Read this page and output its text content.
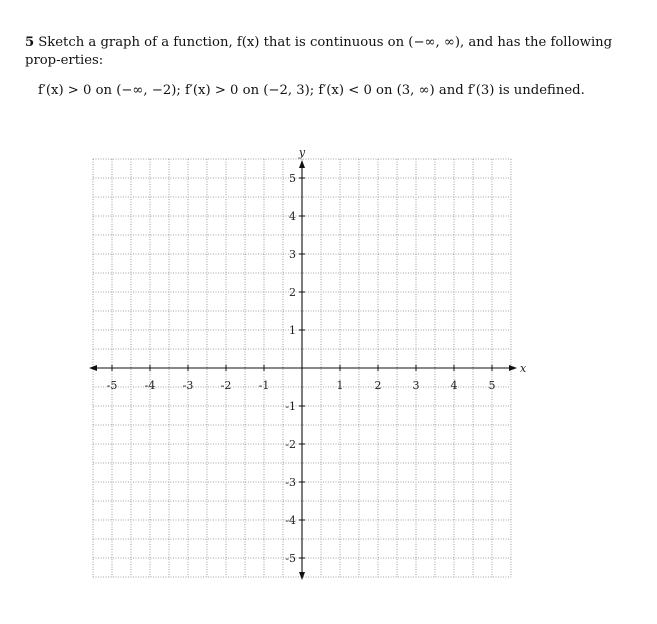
5 Sketch a graph of a function, f(x) that is continuous on (−∞, ∞), and has the following prop-erties:
f′(x) > 0 on (−∞, −2); f′(x) > 0 on (−2, 3); f′(x) < 0 on (3, ∞) and f′(3) is undefined.
x
y
-5 -4 -3 -2 -1	1	2	3	4	5
5
4
3
2
1
-1
-2
-3
-4
-5
